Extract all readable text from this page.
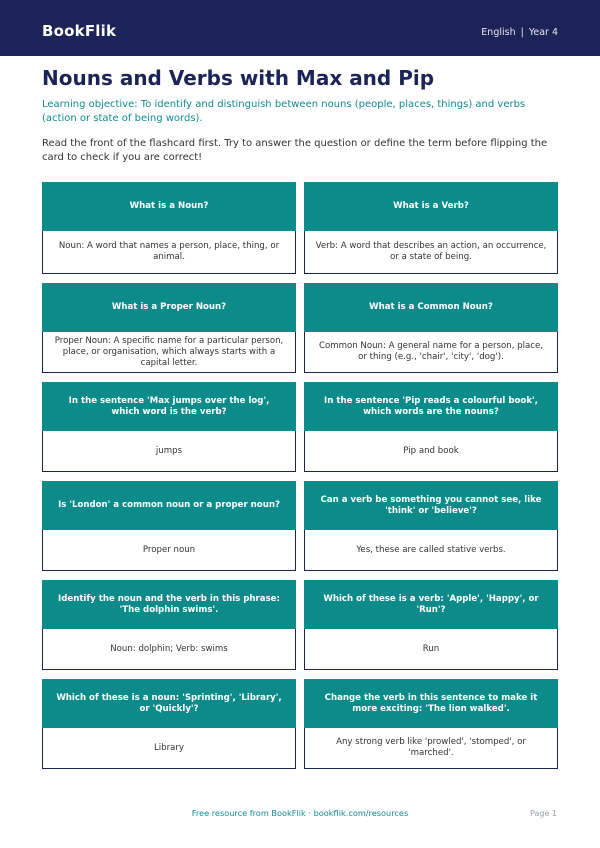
BookFlik	English | Year 4
Nouns and Verbs with Max and Pip

Learning objective: To identify and distinguish between nouns (people, places, things) and verbs (action or state of being words).

Read the front of the flashcard first. Try to answer the question or define the term before flipping the card to check if you are correct!

What is a Noun?
Noun: A word that names a person, place, thing, or animal.
What is a Verb?
Verb: A word that describes an action, an occurrence, or a state of being.
What is a Proper Noun?
Proper Noun: A specific name for a particular person, place, or organisation, which always starts with a capital letter.
What is a Common Noun?
Common Noun: A general name for a person, place, or thing (e.g., 'chair', 'city', 'dog').
In the sentence 'Max jumps over the log', which word is the verb?
jumps
In the sentence 'Pip reads a colourful book', which words are the nouns?
Pip and book
Is 'London' a common noun or a proper noun?
Proper noun
Can a verb be something you cannot see, like 'think' or 'believe'?
Yes, these are called stative verbs.
Identify the noun and the verb in this phrase: 'The dolphin swims'.
Noun: dolphin; Verb: swims
Which of these is a verb: 'Apple', 'Happy', or 'Run'?
Run
Which of these is a noun: 'Sprinting', 'Library', or 'Quickly'?
Library
Change the verb in this sentence to make it more exciting: 'The lion walked'.
Any strong verb like 'prowled', 'stomped', or 'marched'.
Free resource from BookFlik · bookflik.com/resources	Page 1
